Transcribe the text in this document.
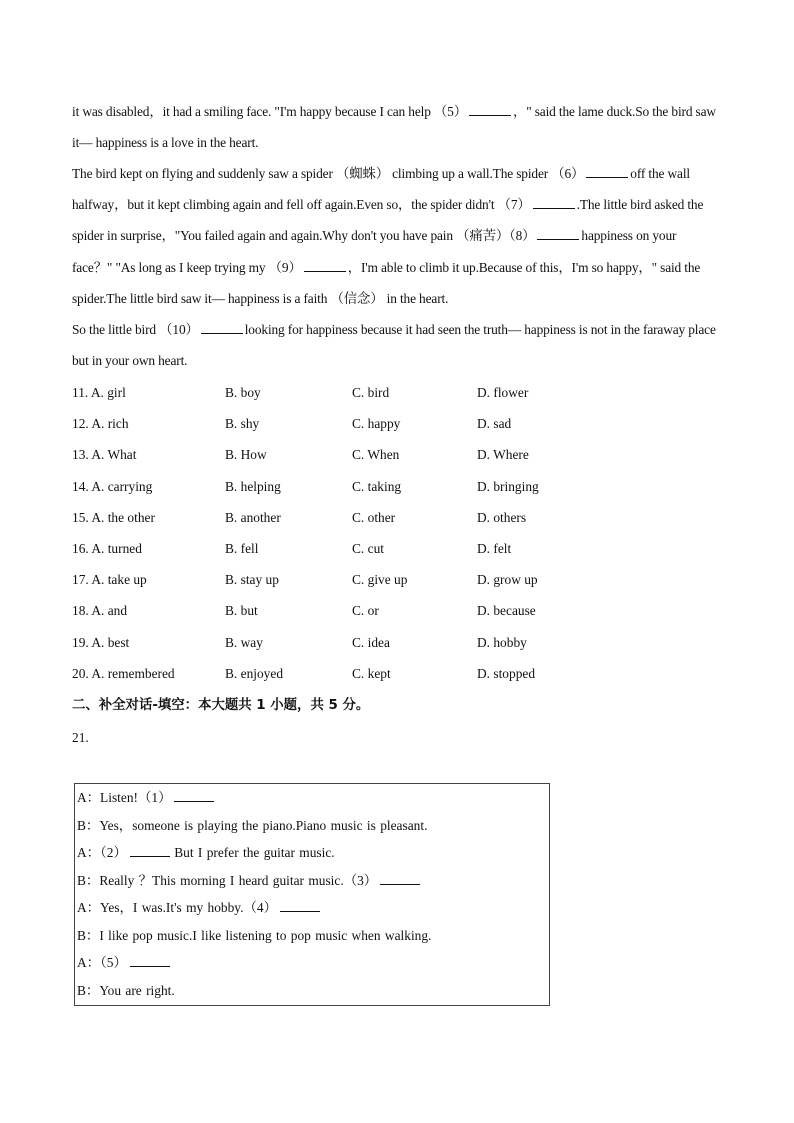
it was disabled，it had a smiling face. "I'm happy because I can help （5）	，" said the lame duck.So the bird saw it— happiness is a love in the heart.
The bird kept on flying and suddenly saw a spider （蜘蛛） climbing up a wall.The spider （6）	off the wall halfway，but it kept climbing again and fell off again.Even so，the spider didn't （7）	.The little bird asked the spider in surprise，"You failed again and again.Why don't you have pain （痛苦）（8）	happiness on your face？" "As long as I keep trying my （9）	，I'm able to climb it up.Because of this，I'm so happy，" said the spider.The little bird saw it— happiness is a faith （信念） in the heart.
So the little bird （10）	looking for happiness because it had seen the truth— happiness is not in the faraway place but in your own heart.
11. A. girl	B. boy	C. bird	D. flower
12. A. rich	B. shy	C. happy	D. sad
13. A. What	B. How	C. When	D. Where
14. A. carrying	B. helping	C. taking	D. bringing
15. A. the other	B. another	C. other	D. others
16. A. turned	B. fell	C. cut	D. felt
17. A. take up	B. stay up	C. give up	D. grow up
18. A. and	B. but	C. or	D. because
19. A. best	B. way	C. idea	D. hobby
20. A. remembered	B. enjoyed	C. kept	D. stopped
二、补全对话-填空：本大题共 1 小题，共 5 分。
21.
A：Listen!（1）
B：Yes，someone is playing the piano.Piano music is pleasant.
A：（2）	But I prefer the guitar music.
B：Really ？This morning I heard guitar music.（3）
A：Yes，I was.It's my hobby.（4）
B：I like pop music.I like listening to pop music when walking.
A：（5）
B：You are right.
